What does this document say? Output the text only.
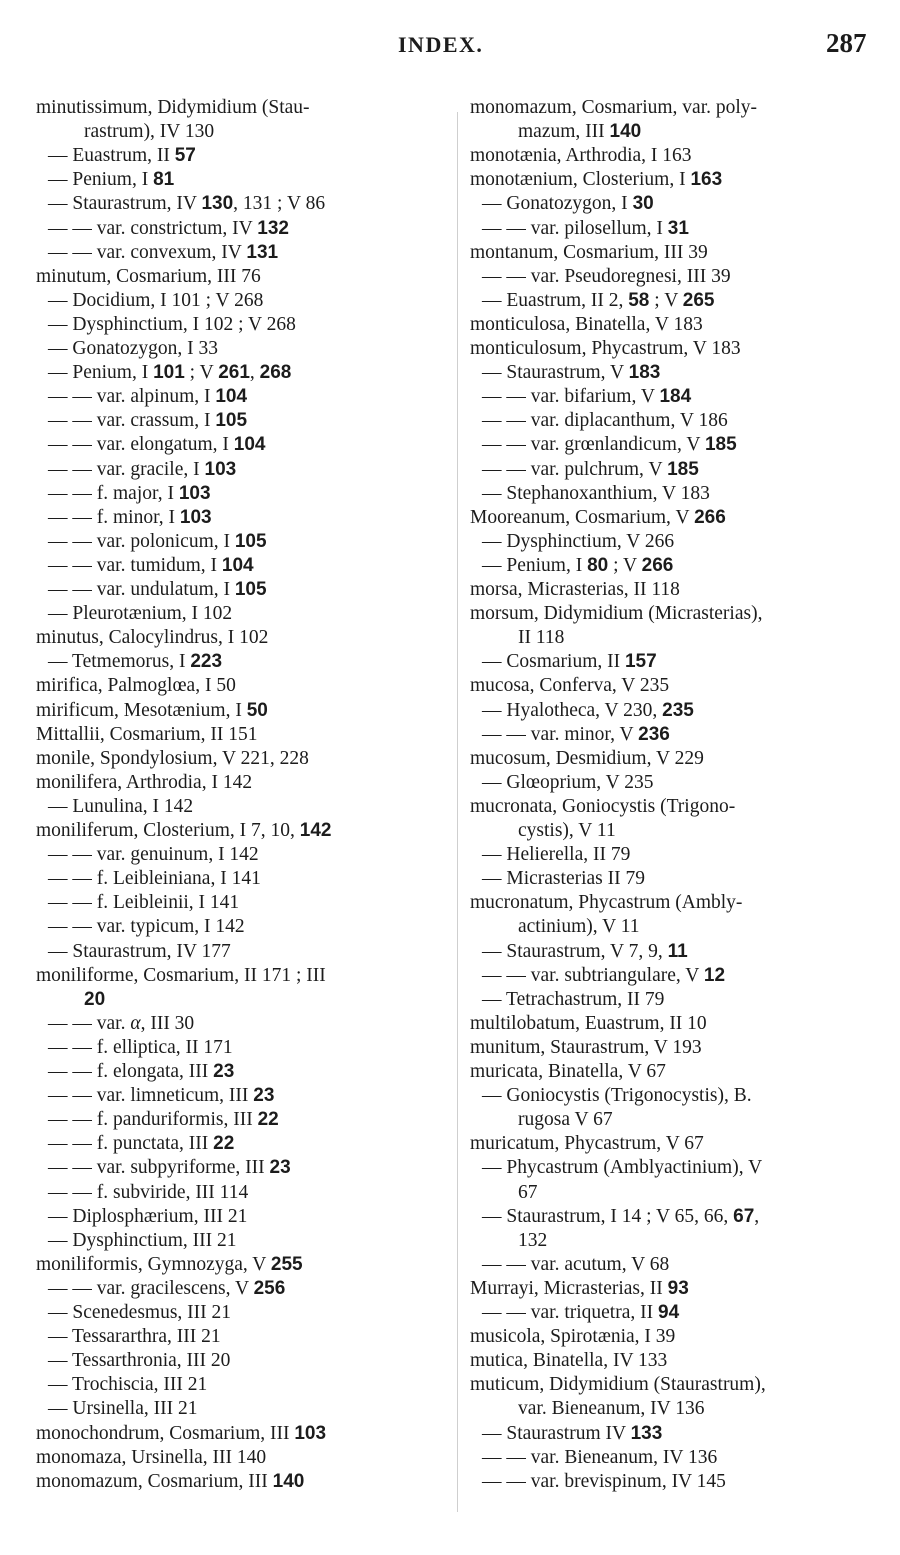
INDEX.	287
minutissimum, Didymidium (Stau-
rastrum), IV 130
— Euastrum, II 57
— Penium, I 81
— Staurastrum, IV 130, 131 ; V 86
— — var. constrictum, IV 132
— — var. convexum, IV 131
minutum, Cosmarium, III 76
— Docidium, I 101 ; V 268
— Dysphinctium, I 102 ; V 268
— Gonatozygon, I 33
— Penium, I 101 ; V 261, 268
— — var. alpinum, I 104
— — var. crassum, I 105
— — var. elongatum, I 104
— — var. gracile, I 103
— — f. major, I 103
— — f. minor, I 103
— — var. polonicum, I 105
— — var. tumidum, I 104
— — var. undulatum, I 105
— Pleurotænium, I 102
minutus, Calocylindrus, I 102
— Tetmemorus, I 223
mirifica, Palmoglœa, I 50
mirificum, Mesotænium, I 50
Mittallii, Cosmarium, II 151
monile, Spondylosium, V 221, 228
monilifera, Arthrodia, I 142
— Lunulina, I 142
moniliferum, Closterium, I 7, 10, 142
— — var. genuinum, I 142
— — f. Leibleiniana, I 141
— — f. Leibleinii, I 141
— — var. typicum, I 142
— Staurastrum, IV 177
moniliforme, Cosmarium, II 171 ; III
20
— — var. α, III 30
— — f. elliptica, II 171
— — f. elongata, III 23
— — var. limneticum, III 23
— — f. panduriformis, III 22
— — f. punctata, III 22
— — var. subpyriforme, III 23
— — f. subviride, III 114
— Diplosphærium, III 21
— Dysphinctium, III 21
moniliformis, Gymnozyga, V 255
— — var. gracilescens, V 256
— Scenedesmus, III 21
— Tessararthra, III 21
— Tessarthronia, III 20
— Trochiscia, III 21
— Ursinella, III 21
monochondrum, Cosmarium, III 103
monomaza, Ursinella, III 140
monomazum, Cosmarium, III 140
monomazum, Cosmarium, var. poly-
mazum, III 140
monotænia, Arthrodia, I 163
monotænium, Closterium, I 163
— Gonatozygon, I 30
— — var. pilosellum, I 31
montanum, Cosmarium, III 39
— — var. Pseudoregnesi, III 39
— Euastrum, II 2, 58 ; V 265
monticulosa, Binatella, V 183
monticulosum, Phycastrum, V 183
— Staurastrum, V 183
— — var. bifarium, V 184
— — var. diplacanthum, V 186
— — var. grœnlandicum, V 185
— — var. pulchrum, V 185
— Stephanoxanthium, V 183
Mooreanum, Cosmarium, V 266
— Dysphinctium, V 266
— Penium, I 80 ; V 266
morsa, Micrasterias, II 118
morsum, Didymidium (Micrasterias),
II 118
— Cosmarium, II 157
mucosa, Conferva, V 235
— Hyalotheca, V 230, 235
— — var. minor, V 236
mucosum, Desmidium, V 229
— Glœoprium, V 235
mucronata, Goniocystis (Trigono-
cystis), V 11
— Helierella, II 79
— Micrasterias II 79
mucronatum, Phycastrum (Ambly-
actinium), V 11
— Staurastrum, V 7, 9, 11
— — var. subtriangulare, V 12
— Tetrachastrum, II 79
multilobatum, Euastrum, II 10
munitum, Staurastrum, V 193
muricata, Binatella, V 67
— Goniocystis (Trigonocystis), B.
rugosa V 67
muricatum, Phycastrum, V 67
— Phycastrum (Amblyactinium), V
67
— Staurastrum, I 14 ; V 65, 66, 67,
132
— — var. acutum, V 68
Murrayi, Micrasterias, II 93
— — var. triquetra, II 94
musicola, Spirotænia, I 39
mutica, Binatella, IV 133
muticum, Didymidium (Staurastrum),
var. Bieneanum, IV 136
— Staurastrum IV 133
— — var. Bieneanum, IV 136
— — var. brevispinum, IV 145
